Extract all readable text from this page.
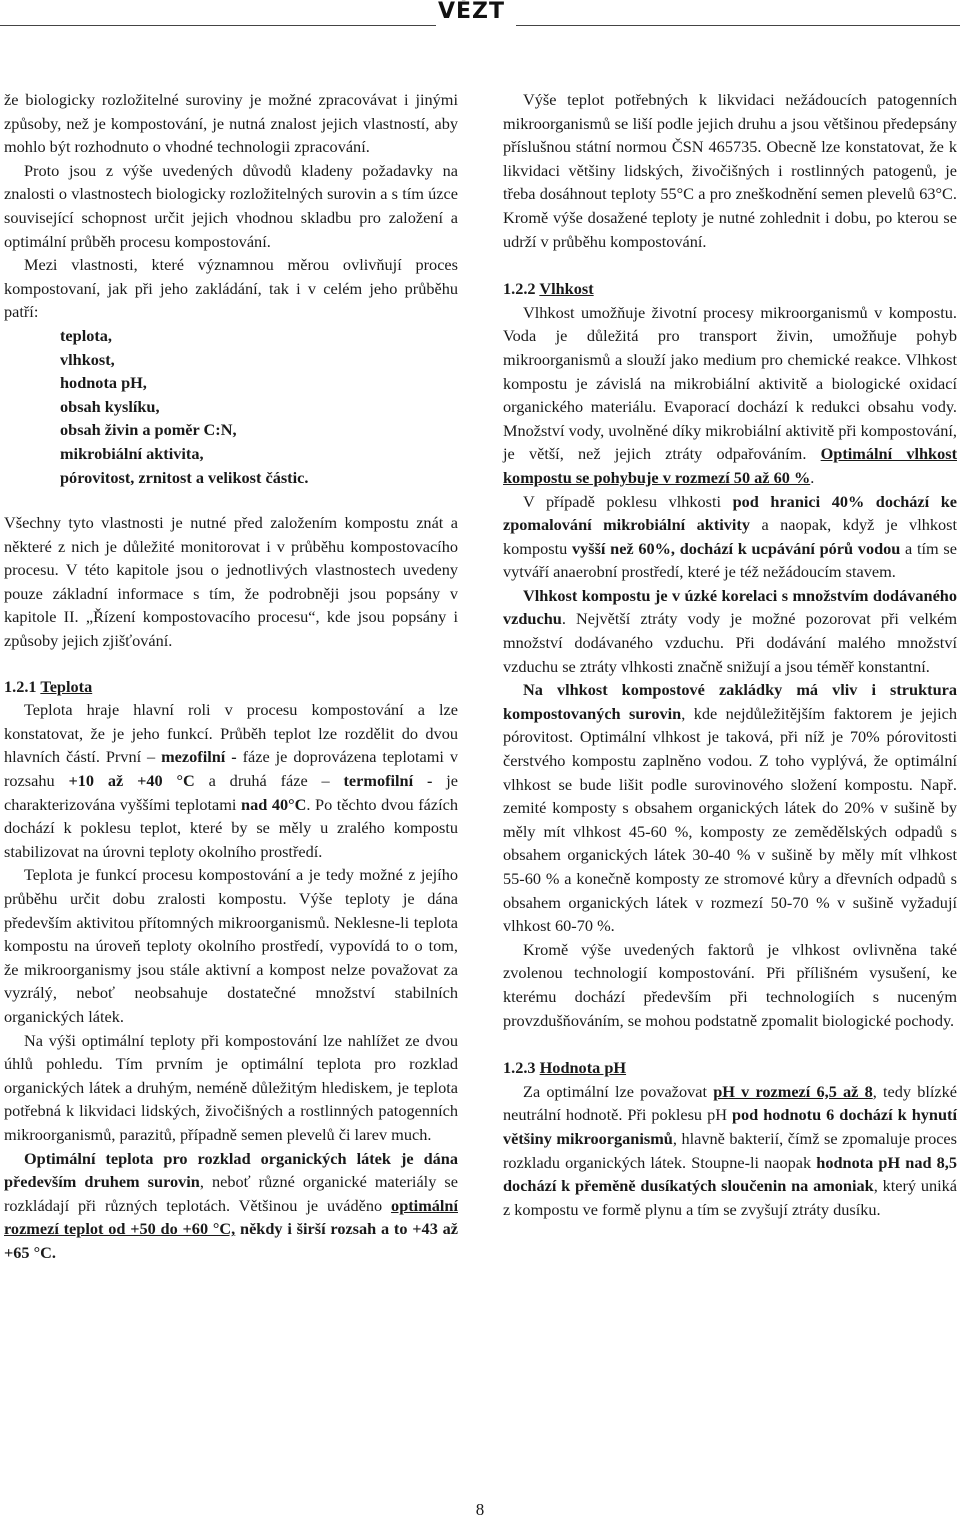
VĚZT

že biologicky rozložitelné suroviny je možné zpracovávat i jinými způsoby, než je kompostování, je nutná znalost jejich vlastností, aby mohlo být rozhodnuto o vhodné technologii zpracování.

Proto jsou z výše uvedených důvodů kladeny požadavky na znalosti o vlastnostech biologicky rozložitelných surovin a s tím úzce související schopnost určit jejich vhodnou skladbu pro založení a optimální průběh procesu kompostování.

Mezi vlastnosti, které významnou měrou ovlivňují proces kompostovaní, jak při jeho zakládání, tak i v celém jeho průběhu patří:

teplota,
vlhkost,
hodnota pH,
obsah kyslíku,
obsah živin a poměr C:N,
mikrobiální aktivita,
pórovitost, zrnitost a velikost částic.

Všechny tyto vlastnosti je nutné před založením kompostu znát a některé z nich je důležité monitorovat i v průběhu kompostovacího procesu. V této kapitole jsou o jednotlivých vlastnostech uvedeny pouze základní informace s tím, že podrobněji jsou popsány v kapitole II. „Řízení kompostovacího procesu“, kde jsou popsány i způsoby jejich zjišťování.

1.2.1 Teplota

Teplota hraje hlavní roli v procesu kompostování a lze konstatovat, že je jeho funkcí. Průběh teplot lze rozdělit do dvou hlavních částí. První – mezofilní - fáze je doprovázena teplotami v rozsahu +10 až +40 °C a druhá fáze – termofilní - je charakterizována vyššími teplotami nad 40°C. Po těchto dvou fázích dochází k poklesu teplot, které by se měly u zralého kompostu stabilizovat na úrovni teploty okolního prostředí.

Teplota je funkcí procesu kompostování a je tedy možné z jejího průběhu určit dobu zralosti kompostu. Výše teploty je dána především aktivitou přítomných mikroorganismů. Neklesne-li teplota kompostu na úroveň teploty okolního prostředí, vypovídá to o tom, že mikroorganismy jsou stále aktivní a kompost nelze považovat za vyzrálý, neboť neobsahuje dostatečné množství stabilních organických látek.

Na výši optimální teploty při kompostování lze nahlížet ze dvou úhlů pohledu. Tím prvním je optimální teplota pro rozklad organických látek a druhým, neméně důležitým hlediskem, je teplota potřebná k likvidaci lidských, živočišných a rostlinných patogenních mikroorganismů, parazitů, případně semen plevelů či larev much.

Optimální teplota pro rozklad organických látek je dána především druhem surovin, neboť různé organické materiály se rozkládají při různých teplotách. Většinou je uváděno optimální rozmezí teplot od +50 do +60 °C, někdy i širší rozsah a to +43 až +65 °C.

Výše teplot potřebných k likvidaci nežádoucích patogenních mikroorganismů se liší podle jejich druhu a jsou většinou předepsány příslušnou státní normou ČSN 465735. Obecně lze konstatovat, že k likvidaci většiny lidských, živočišných i rostlinných patogenů, je třeba dosáhnout teploty 55°C a pro zneškodnění semen plevelů 63°C. Kromě výše dosažené teploty je nutné zohlednit i dobu, po kterou se udrží v průběhu kompostování.

1.2.2 Vlhkost

Vlhkost umožňuje životní procesy mikroorganismů v kompostu. Voda je důležitá pro transport živin, umožňuje pohyb mikroorganismů a slouží jako medium pro chemické reakce. Vlhkost kompostu je závislá na mikrobiální aktivitě a biologické oxidací organického materiálu. Evaporací dochází k redukci obsahu vody. Množství vody, uvolněné díky mikrobiální aktivitě při kompostování, je větší, než jejich ztráty odpařováním. Optimální vlhkost kompostu se pohybuje v rozmezí 50 až 60 %.

V případě poklesu vlhkosti pod hranici 40% dochází ke zpomalování mikrobiální aktivity a naopak, když je vlhkost kompostu vyšší než 60%, dochází k ucpávání pórů vodou a tím se vytváří anaerobní prostředí, které je též nežádoucím stavem.

Vlhkost kompostu je v úzké korelaci s množstvím dodávaného vzduchu. Největší ztráty vody je možné pozorovat při velkém množství dodávaného vzduchu. Při dodávání malého množství vzduchu se ztráty vlhkosti značně snižují a jsou téměř konstantní.

Na vlhkost kompostové zakládky má vliv i struktura kompostovaných surovin, kde nejdůležitějším faktorem je jejich pórovitost. Optimální vlhkost je taková, při níž je 70% pórovitosti čerstvého kompostu zaplněno vodou. Z toho vyplývá, že optimální vlhkost se bude lišit podle surovinového složení kompostu. Např. zemité komposty s obsahem organických látek do 20% v sušině by měly mít vlhkost 45-60 %, komposty ze zemědělských odpadů s obsahem organických látek 30-40 % v sušině by měly mít vlhkost 55-60 % a konečně komposty ze stromové kůry a dřevních odpadů s obsahem organických látek v rozmezí 50-70 % v sušině vyžadují vlhkost 60-70 %.

Kromě výše uvedených faktorů je vlhkost ovlivněna také zvolenou technologií kompostování. Při přílišném vysušení, ke kterému dochází především při technologiích s nuceným provzdušňováním, se mohou podstatně zpomalit biologické pochody.

1.2.3 Hodnota pH

Za optimální lze považovat pH v rozmezí 6,5 až 8, tedy blízké neutrální hodnotě. Při poklesu pH pod hodnotu 6 dochází k hynutí většiny mikroorganismů, hlavně bakterií, čímž se zpomaluje proces rozkladu organických látek. Stoupne-li naopak hodnota pH nad 8,5 dochází k přeměně dusíkatých sloučenin na amoniak, který uniká z kompostu ve formě plynu a tím se zvyšují ztráty dusíku.

8
